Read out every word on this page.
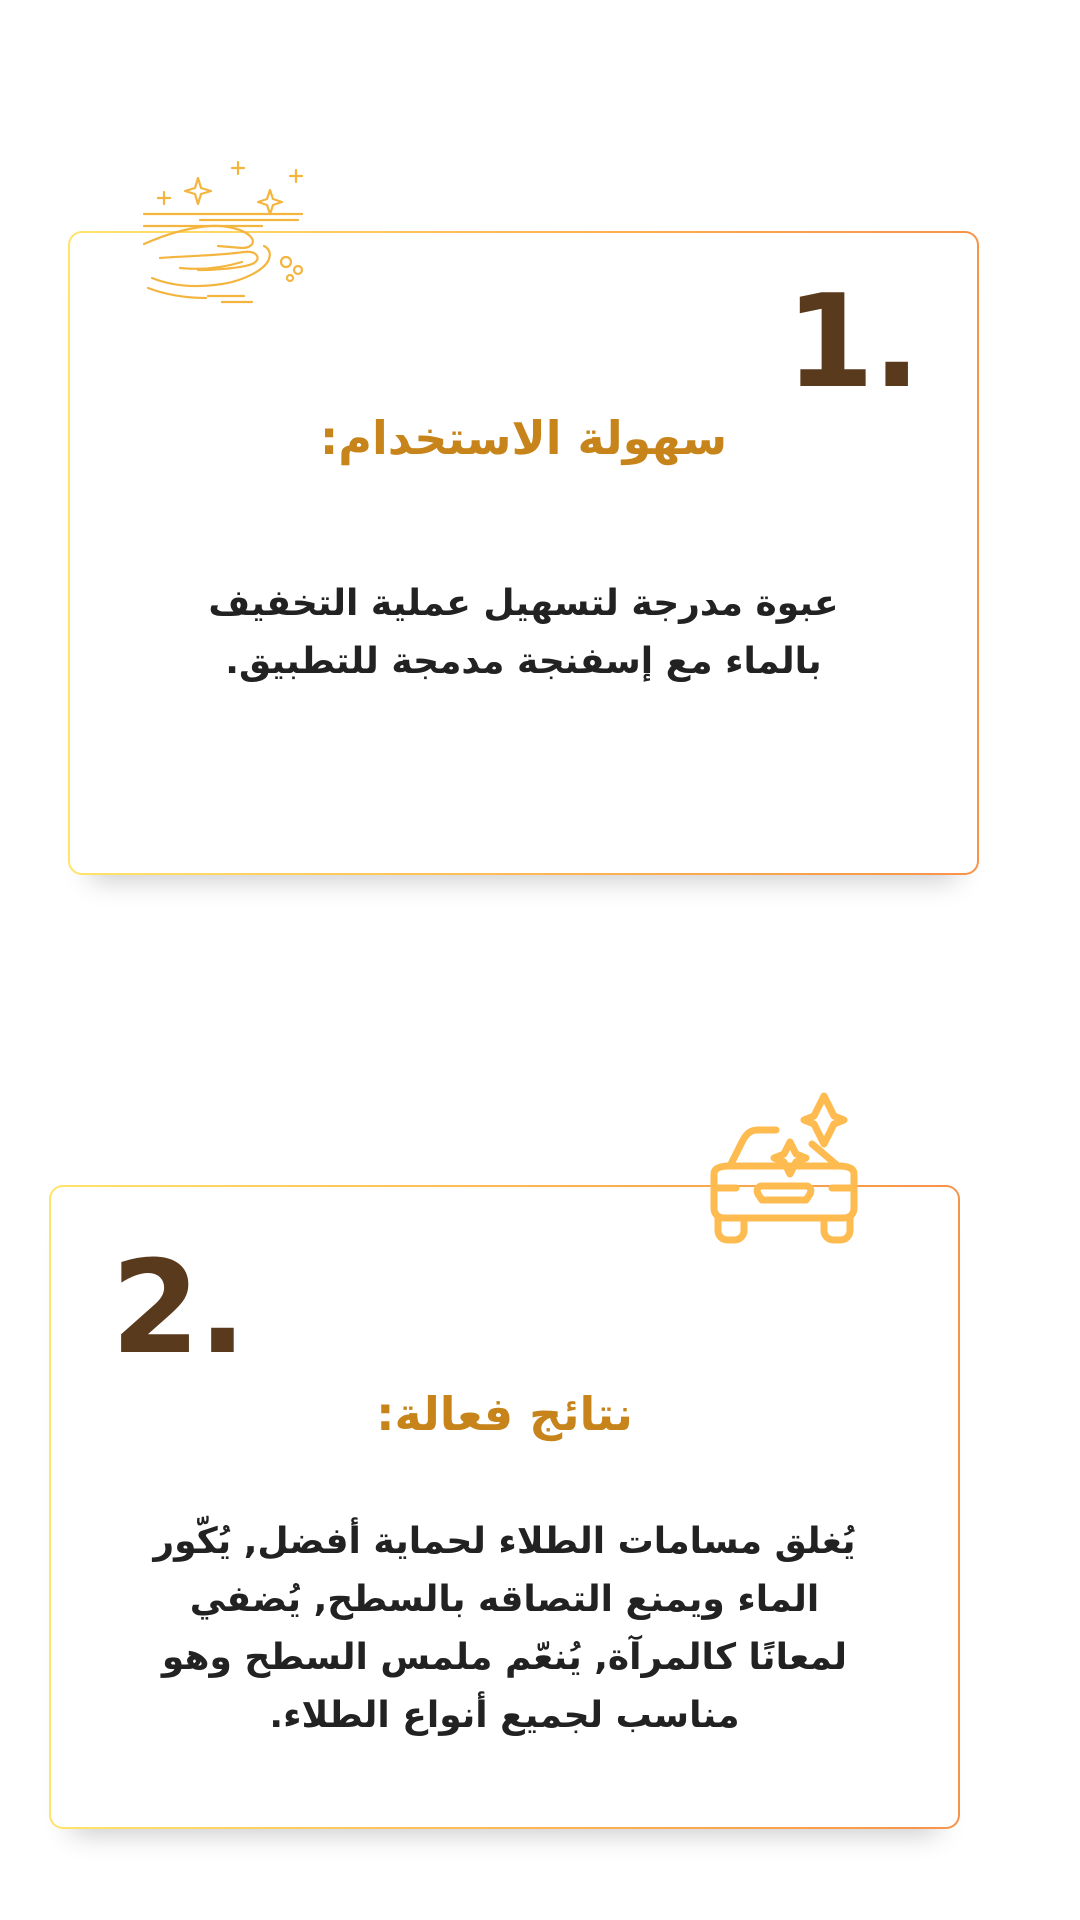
1.
سهولة الاستخدام:
عبوة مدرجة لتسهيل عملية التخفيف بالماء مع إسفنجة مدمجة للتطبيق.
2.
نتائج فعالة:
يُغلق مسامات الطلاء لحماية أفضل, يُكّور الماء ويمنع التصاقه بالسطح, يُضفي لمعانًا كالمرآة, يُنعّم ملمس السطح وهو مناسب لجميع أنواع الطلاء.
